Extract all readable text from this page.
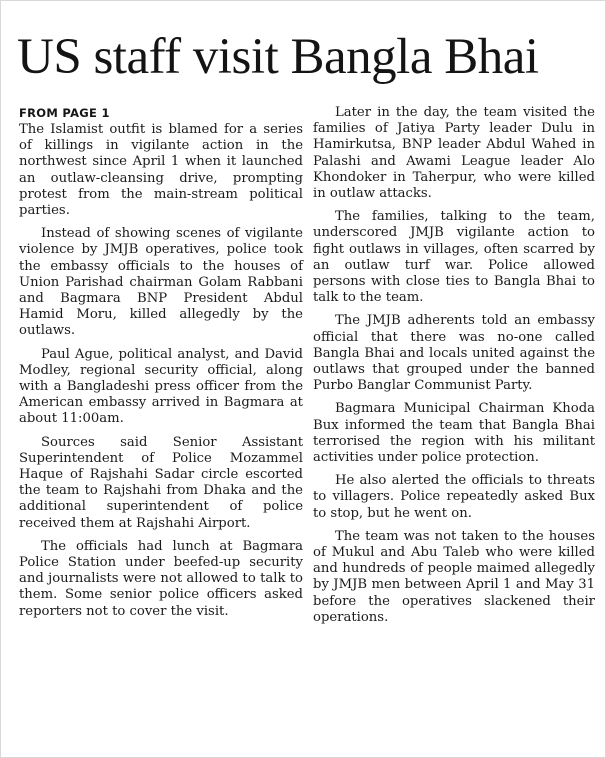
US staff visit Bangla Bhai

FROM PAGE 1

The Islamist outfit is blamed for a series of killings in vigilante action in the northwest since April 1 when it launched an outlaw-cleansing drive, prompting protest from the main-stream political parties.

Instead of showing scenes of vigilante violence by JMJB operatives, police took the embassy officials to the houses of Union Parishad chairman Golam Rabbani and Bagmara BNP President Abdul Hamid Moru, killed allegedly by the outlaws.

Paul Ague, political analyst, and David Modley, regional security official, along with a Bangladeshi press officer from the American embassy arrived in Bagmara at about 11:00am.

Sources said Senior Assistant Superintendent of Police Mozammel Haque of Rajshahi Sadar circle escorted the team to Rajshahi from Dhaka and the additional superintendent of police received them at Rajshahi Airport.

The officials had lunch at Bagmara Police Station under beefed-up security and journalists were not allowed to talk to them. Some senior police officers asked reporters not to cover the visit.

Later in the day, the team visited the families of Jatiya Party leader Dulu in Hamirkutsa, BNP leader Abdul Wahed in Palashi and Awami League leader Alo Khondoker in Taherpur, who were killed in outlaw attacks.

The families, talking to the team, underscored JMJB vigilante action to fight outlaws in villages, often scarred by an outlaw turf war. Police allowed persons with close ties to Bangla Bhai to talk to the team.

The JMJB adherents told an embassy official that there was no-one called Bangla Bhai and locals united against the outlaws that grouped under the banned Purbo Banglar Communist Party.

Bagmara Municipal Chairman Khoda Bux informed the team that Bangla Bhai terrorised the region with his militant activities under police protection.

He also alerted the officials to threats to villagers. Police repeatedly asked Bux to stop, but he went on.

The team was not taken to the houses of Mukul and Abu Taleb who were killed and hundreds of people maimed allegedly by JMJB men between April 1 and May 31 before the operatives slackened their operations.
